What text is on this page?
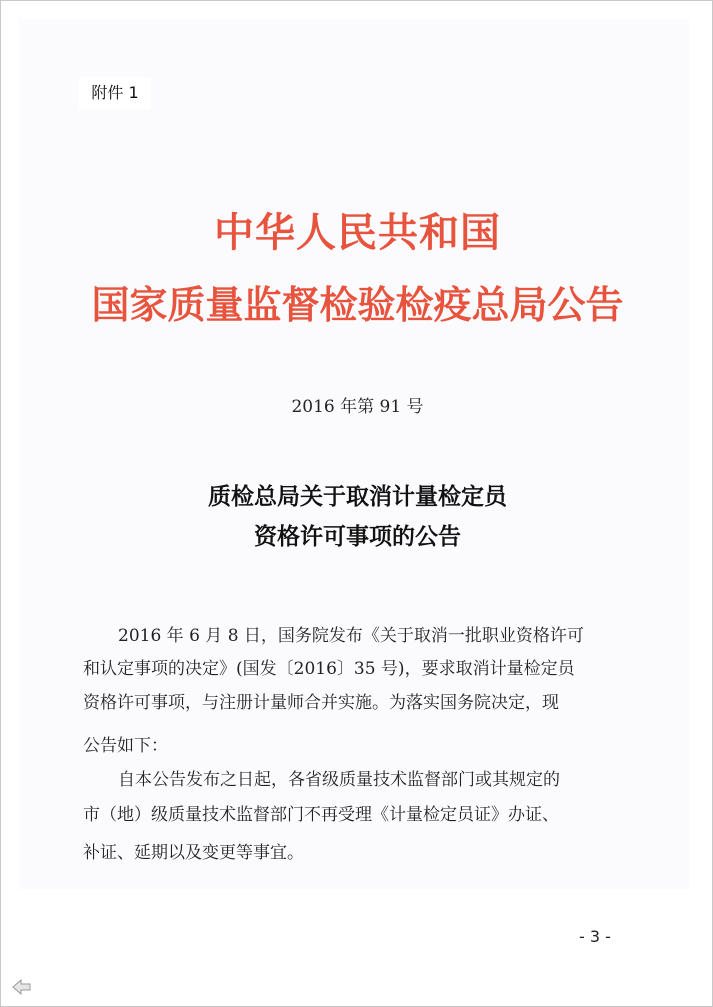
附件 1
中华人民共和国
国家质量监督检验检疫总局公告
2016 年第 91 号
质检总局关于取消计量检定员
资格许可事项的公告
2016 年 6 月 8 日，国务院发布《关于取消一批职业资格许可
和认定事项的决定》(国发〔2016〕35 号)，要求取消计量检定员
资格许可事项，与注册计量师合并实施。为落实国务院决定，现
公告如下：
自本公告发布之日起，各省级质量技术监督部门或其规定的
市（地）级质量技术监督部门不再受理《计量检定员证》办证、
补证、延期以及变更等事宜。
- 3 -
